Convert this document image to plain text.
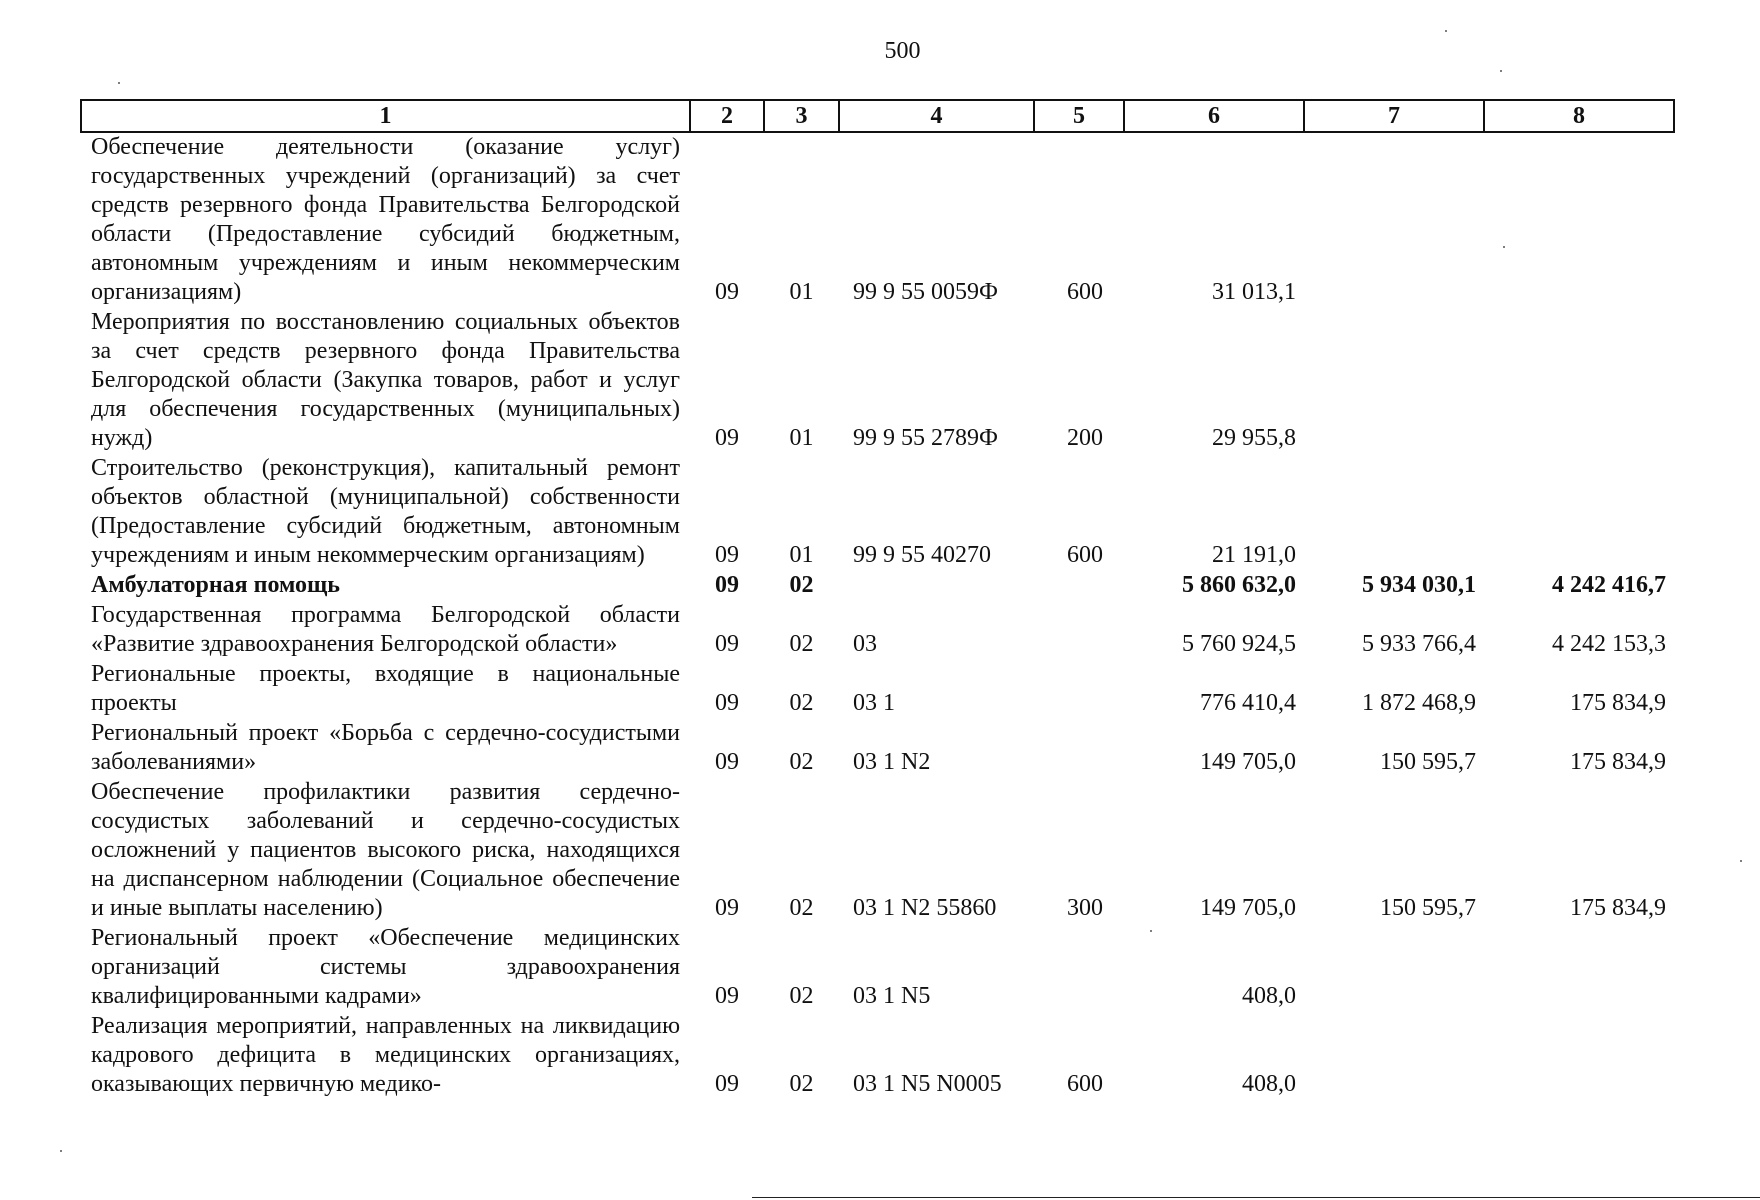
500
1	2	3	4	5	6	7	8
Обеспечение деятельности (оказание услуг) государственных учреждений (организаций) за счет средств резервного фонда Правительства Белгородской области (Предоставление субсидий бюджетным, автономным учреждениям и иным некоммерческим организациям)	09	01	99 9 55 0059Ф	600	31 013,1		
Мероприятия по восстановлению социальных объектов за счет средств резервного фонда Правительства Белгородской области (Закупка товаров, работ и услуг для обеспечения государственных (муниципальных) нужд)	09	01	99 9 55 2789Ф	200	29 955,8		
Строительство (реконструкция), капитальный ремонт объектов областной (муниципальной) собственности (Предоставление субсидий бюджетным, автономным учреждениям и иным некоммерческим организациям)	09	01	99 9 55 40270	600	21 191,0		
Амбулаторная помощь	09	02			5 860 632,0	5 934 030,1	4 242 416,7
Государственная программа Белгородской области «Развитие здравоохранения Белгородской области»	09	02	03		5 760 924,5	5 933 766,4	4 242 153,3
Региональные проекты, входящие в национальные проекты	09	02	03 1		776 410,4	1 872 468,9	175 834,9
Региональный проект «Борьба с сердечно-сосудистыми заболеваниями»	09	02	03 1 N2		149 705,0	150 595,7	175 834,9
Обеспечение профилактики развития сердечно-сосудистых заболеваний и сердечно-сосудистых осложнений у пациентов высокого риска, находящихся на диспансерном наблюдении (Социальное обеспечение и иные выплаты населению)	09	02	03 1 N2 55860	300	149 705,0	150 595,7	175 834,9
Региональный проект «Обеспечение медицинских организаций системы здравоохранения квалифицированными кадрами»	09	02	03 1 N5		408,0		
Реализация мероприятий, направленных на ликвидацию кадрового дефицита в медицинских организациях, оказывающих первичную медико-	09	02	03 1 N5 N0005	600	408,0		
